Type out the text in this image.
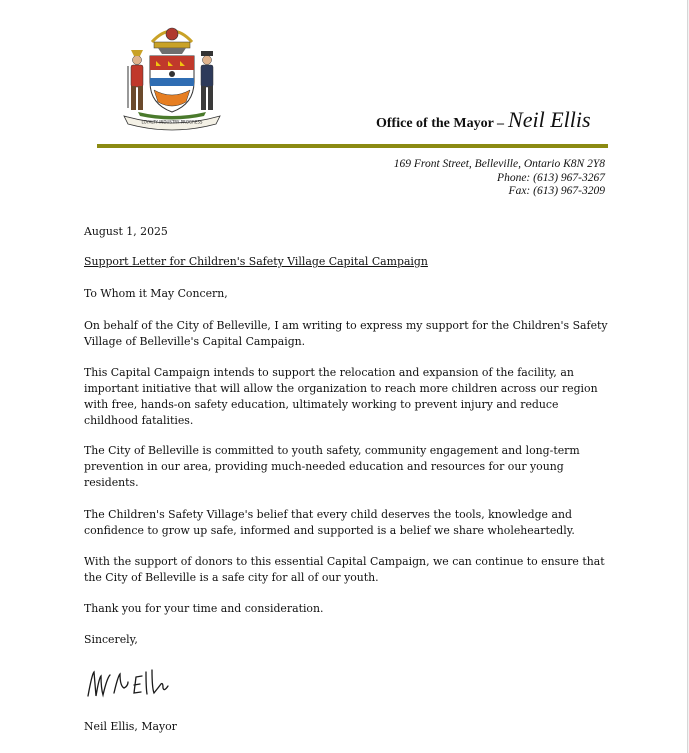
LOYALTY INDUSTRY PROGRESS	Office of the Mayor – Neil Ellis
169 Front Street, Belleville, Ontario K8N 2Y8
Phone: (613) 967-3267
Fax: (613) 967-3209

August 1, 2025

Support Letter for Children's Safety Village Capital Campaign

To Whom it May Concern,

On behalf of the City of Belleville, I am writing to express my support for the Children's Safety Village of Belleville's Capital Campaign.

This Capital Campaign intends to support the relocation and expansion of the facility, an important initiative that will allow the organization to reach more children across our region with free, hands-on safety education, ultimately working to prevent injury and reduce childhood fatalities.

The City of Belleville is committed to youth safety, community engagement and long-term prevention in our area, providing much-needed education and resources for our young residents.

The Children's Safety Village's belief that every child deserves the tools, knowledge and confidence to grow up safe, informed and supported is a belief we share wholeheartedly.

With the support of donors to this essential Capital Campaign, we can continue to ensure that the City of Belleville is a safe city for all of our youth.

Thank you for your time and consideration.

Sincerely,

Neil Ellis, Mayor
